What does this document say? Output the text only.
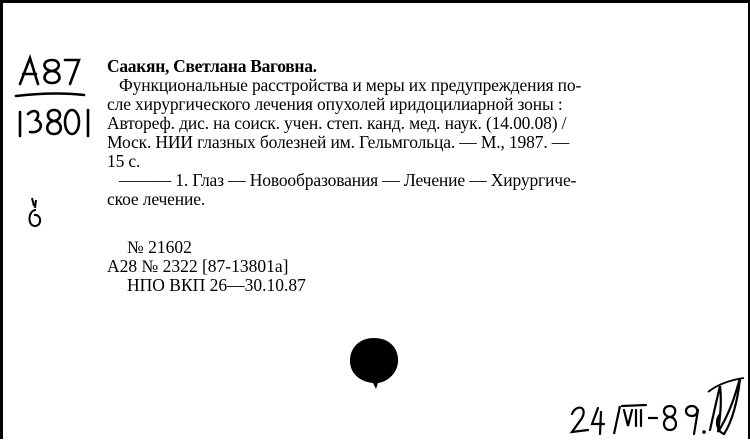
Саакян, Светлана Ваговна.
Функциональные расстройства и меры их предупреждения по-
сле хирургического лечения опухолей иридоцилиарной зоны :
Автореф. дис. на соиск. учен. степ. канд. мед. наук. (14.00.08) /
Моск. НИИ глазных болезней им. Гельмгольца. — М., 1987. —
15 с.
——— 1. Глаз — Новообразования — Лечение — Хирургиче-
ское лечение.
№ 21602
А28 № 2322 [87-13801а]
НПО ВКП 26—30.10.87
